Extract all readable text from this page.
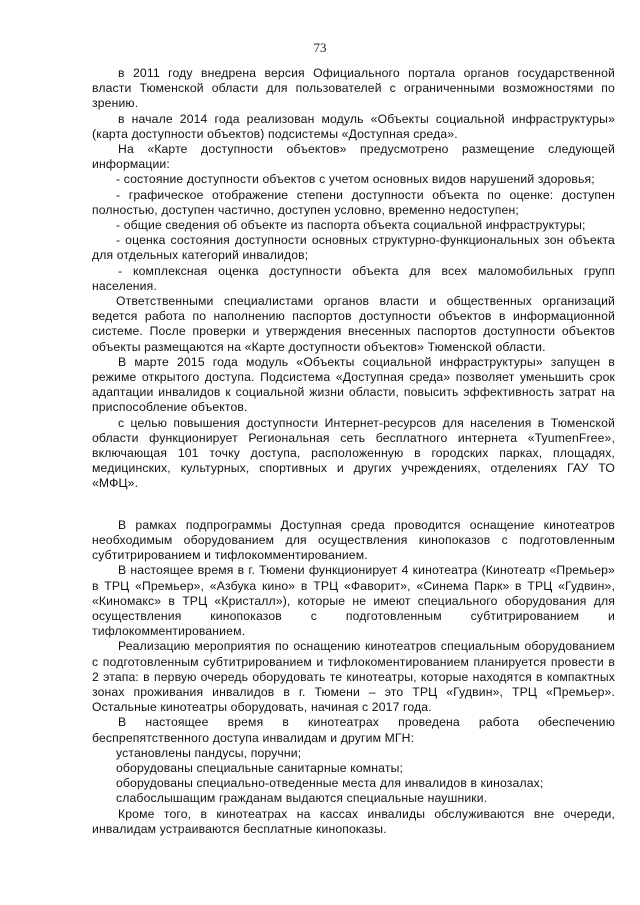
73

в 2011 году внедрена версия Официального портала органов государственной власти Тюменской области для пользователей с ограниченными возможностями по зрению.

в начале 2014 года реализован модуль «Объекты социальной инфраструктуры» (карта доступности объектов) подсистемы «Доступная среда».

На «Карте доступности объектов» предусмотрено размещение следующей информации:

- состояние доступности объектов с учетом основных видов нарушений здоровья;

- графическое отображение степени доступности объекта по оценке: доступен полностью, доступен частично, доступен условно, временно недоступен;

- общие сведения об объекте из паспорта объекта социальной инфраструктуры;

- оценка состояния доступности основных структурно-функциональных зон объекта для отдельных категорий инвалидов;

- комплексная оценка доступности объекта для всех маломобильных групп населения.

Ответственными специалистами органов власти и общественных организаций ведется работа по наполнению паспортов доступности объектов в информационной системе. После проверки и утверждения внесенных паспортов доступности объектов объекты размещаются на «Карте доступности объектов» Тюменской области.

В марте 2015 года модуль «Объекты социальной инфраструктуры» запущен в режиме открытого доступа. Подсистема «Доступная среда» позволяет уменьшить срок адаптации инвалидов к социальной жизни области, повысить эффективность затрат на приспособление объектов.

с целью повышения доступности Интернет-ресурсов для населения в Тюменской области функционирует Региональная сеть бесплатного интернета «TyumenFree», включающая 101 точку доступа, расположенную в городских парках, площадях, медицинских, культурных, спортивных и других учреждениях, отделениях ГАУ ТО «МФЦ».

В рамках подпрограммы Доступная среда проводится оснащение кинотеатров необходимым оборудованием для осуществления кинопоказов с подготовленным субтитрированием и тифлокомментированием.

В настоящее время в г. Тюмени функционирует 4 кинотеатра (Кинотеатр «Премьер» в ТРЦ «Премьер», «Азбука кино» в ТРЦ «Фаворит», «Синема Парк» в ТРЦ «Гудвин», «Киномакс» в ТРЦ «Кристалл»), которые не имеют специального оборудования для осуществления кинопоказов с подготовленным субтитрированием и тифлокомментированием.

Реализацию мероприятия по оснащению кинотеатров специальным оборудованием с подготовленным субтитрированием и тифлокоментированием планируется провести в 2 этапа: в первую очередь оборудовать те кинотеатры, которые находятся в компактных зонах проживания инвалидов в г. Тюмени – это ТРЦ «Гудвин», ТРЦ «Премьер». Остальные кинотеатры оборудовать, начиная с 2017 года.

В настоящее время в кинотеатрах проведена работа обеспечению беспрепятственного доступа инвалидам и другим МГН:

установлены пандусы, поручни;

оборудованы специальные санитарные комнаты;

оборудованы специально-отведенные места для инвалидов в кинозалах;

слабослышащим гражданам выдаются специальные наушники.

Кроме того, в кинотеатрах на кассах инвалиды обслуживаются вне очереди, инвалидам устраиваются бесплатные кинопоказы.
